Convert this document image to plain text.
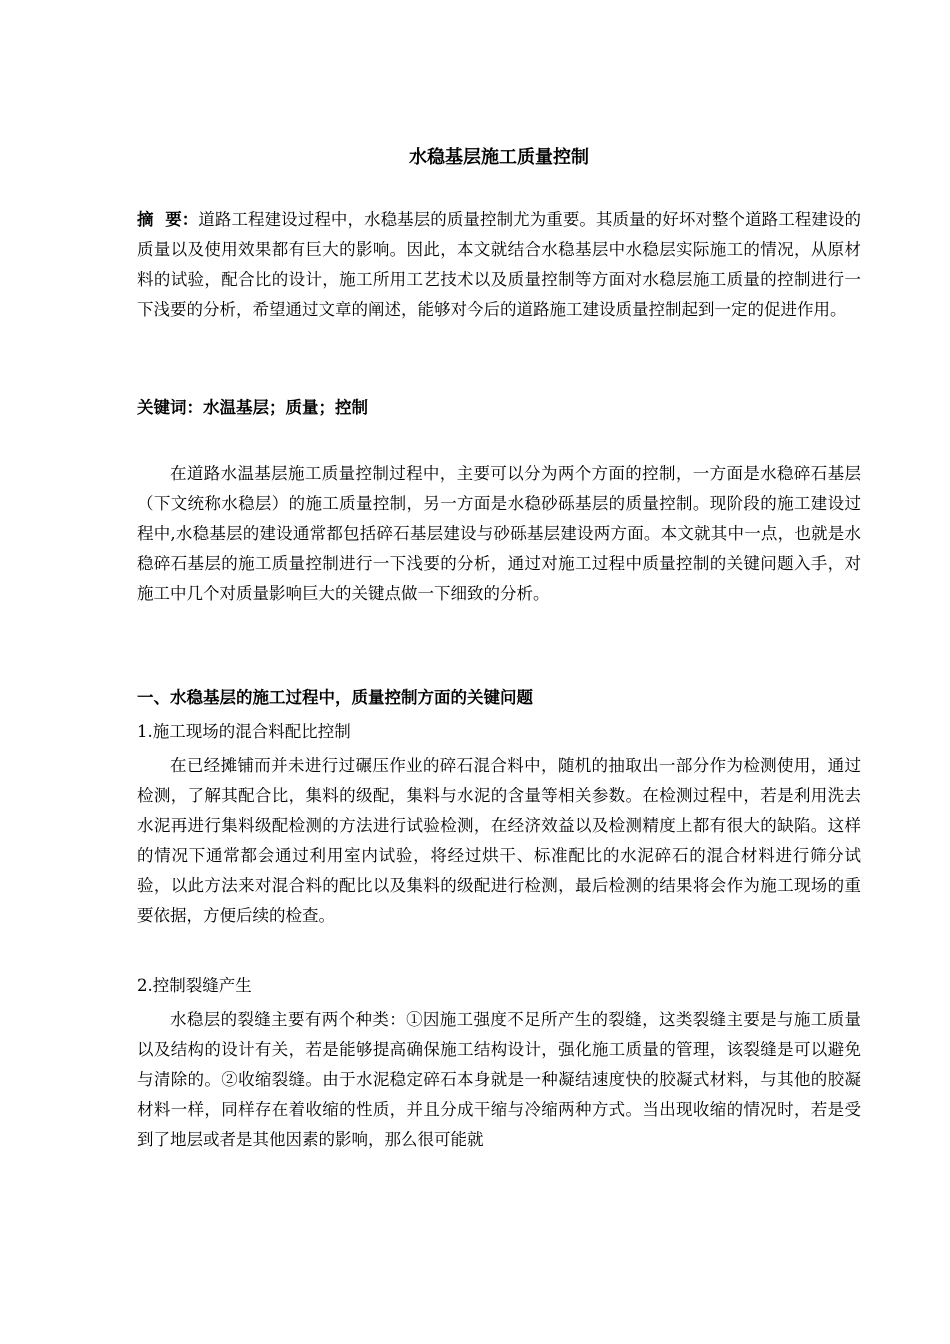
水稳基层施工质量控制

摘  要：道路工程建设过程中，水稳基层的质量控制尤为重要。其质量的好坏对整个道路工程建设的质量以及使用效果都有巨大的影响。因此，本文就结合水稳基层中水稳层实际施工的情况，从原材料的试验，配合比的设计，施工所用工艺技术以及质量控制等方面对水稳层施工质量的控制进行一下浅要的分析，希望通过文章的阐述，能够对今后的道路施工建设质量控制起到一定的促进作用。

关键词：水温基层；质量；控制

在道路水温基层施工质量控制过程中，主要可以分为两个方面的控制，一方面是水稳碎石基层（下文统称水稳层）的施工质量控制，另一方面是水稳砂砾基层的质量控制。现阶段的施工建设过程中,水稳基层的建设通常都包括碎石基层建设与砂砾基层建设两方面。本文就其中一点，也就是水稳碎石基层的施工质量控制进行一下浅要的分析，通过对施工过程中质量控制的关键问题入手，对施工中几个对质量影响巨大的关键点做一下细致的分析。

一、水稳基层的施工过程中，质量控制方面的关键问题

1.施工现场的混合料配比控制

在已经摊铺而并未进行过碾压作业的碎石混合料中，随机的抽取出一部分作为检测使用，通过检测，了解其配合比，集料的级配，集料与水泥的含量等相关参数。在检测过程中，若是利用洗去水泥再进行集料级配检测的方法进行试验检测，在经济效益以及检测精度上都有很大的缺陷。这样的情况下通常都会通过利用室内试验，将经过烘干、标准配比的水泥碎石的混合材料进行筛分试验，以此方法来对混合料的配比以及集料的级配进行检测，最后检测的结果将会作为施工现场的重要依据，方便后续的检查。

2.控制裂缝产生

水稳层的裂缝主要有两个种类：①因施工强度不足所产生的裂缝，这类裂缝主要是与施工质量以及结构的设计有关，若是能够提高确保施工结构设计，强化施工质量的管理，该裂缝是可以避免与清除的。②收缩裂缝。由于水泥稳定碎石本身就是一种凝结速度快的胶凝式材料，与其他的胶凝材料一样，同样存在着收缩的性质，并且分成干缩与冷缩两种方式。当出现收缩的情况时，若是受到了地层或者是其他因素的影响，那么很可能就
